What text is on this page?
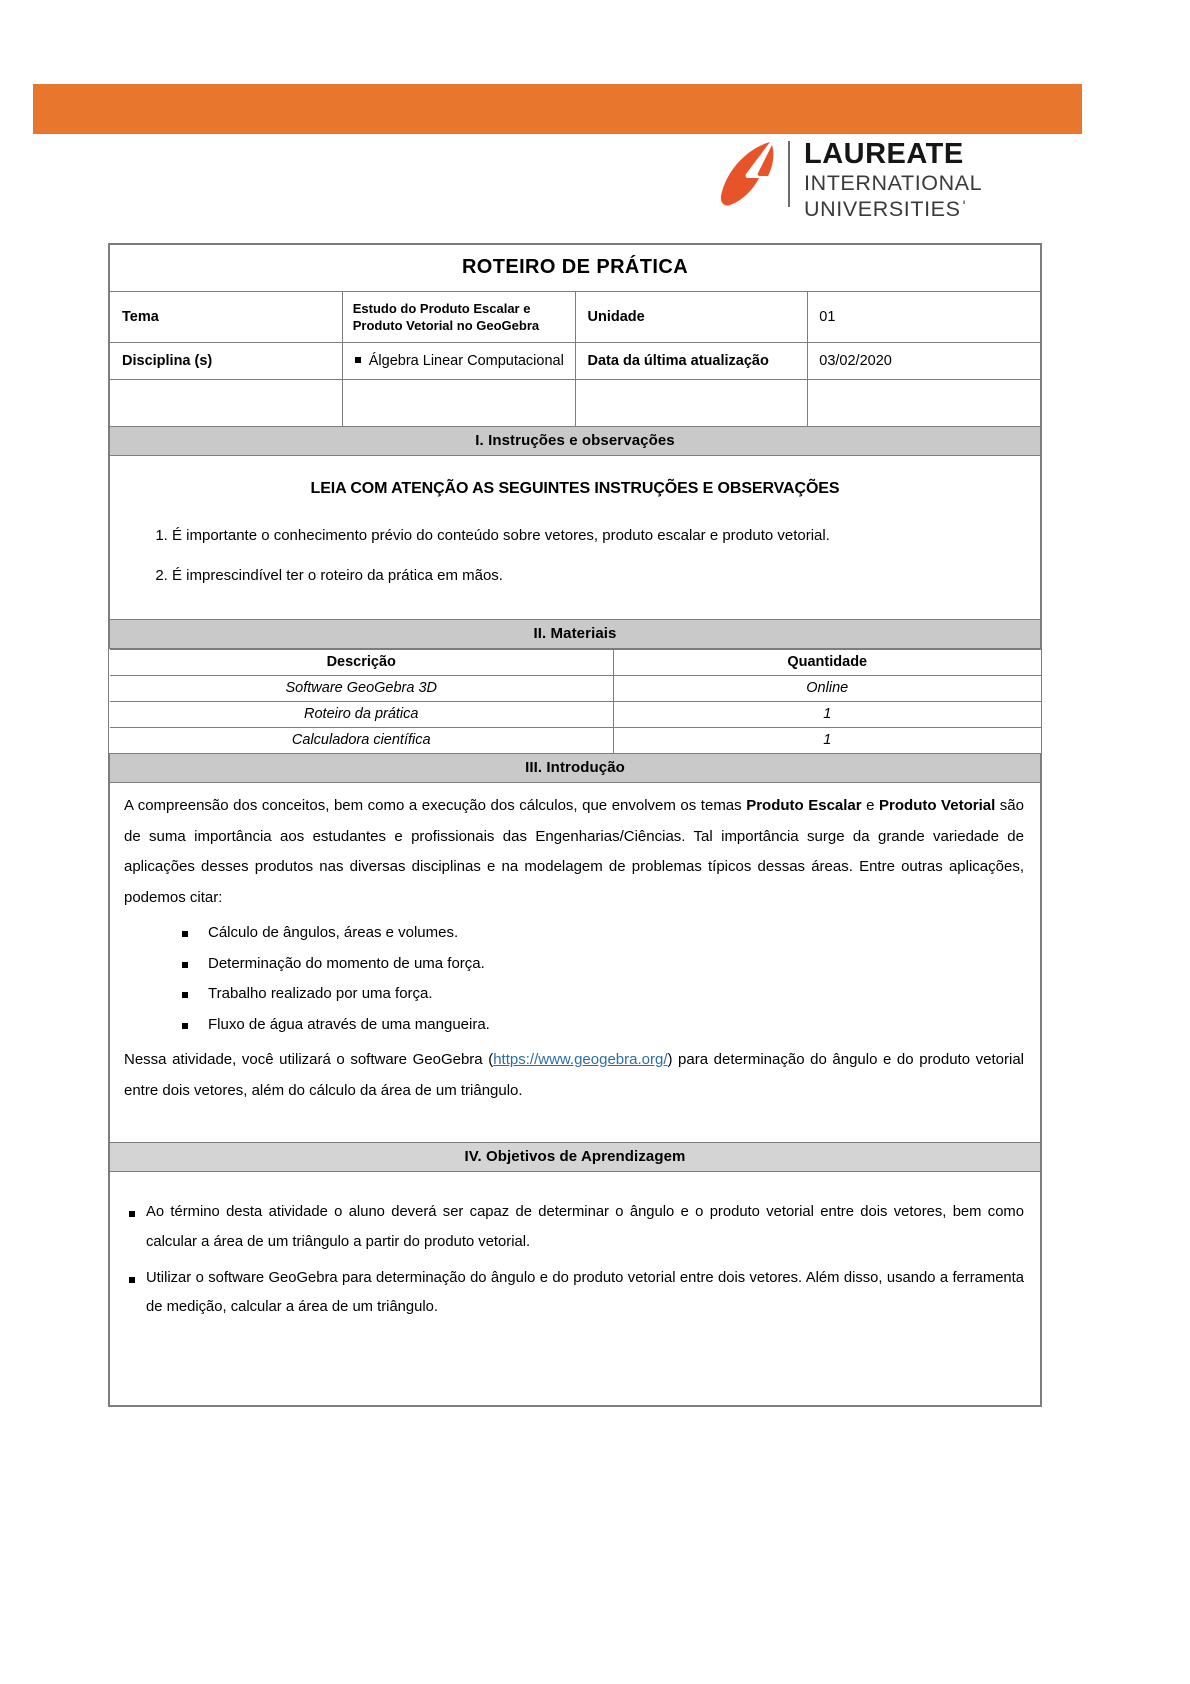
LAUREATE
INTERNATIONAL
UNIVERSITIESˈ
ROTEIRO DE PRÁTICA
Tema	Estudo do Produto Escalar e Produto Vetorial no GeoGebra	Unidade	01
Disciplina (s)	Álgebra Linear Computacional	Data da última atualização	03/02/2020

I. Instruções e observações

LEIA COM ATENÇÃO AS SEGUINTES INSTRUÇÕES E OBSERVAÇÕES
1. É importante o conhecimento prévio do conteúdo sobre vetores, produto escalar e produto vetorial.
2. É imprescindível ter o roteiro da prática em mãos.

II. Materiais

Descrição	Quantidade
Software GeoGebra 3D	Online
Roteiro da prática	1
Calculadora científica	1

III. Introdução

A compreensão dos conceitos, bem como a execução dos cálculos, que envolvem os temas Produto Escalar e Produto Vetorial são de suma importância aos estudantes e profissionais das Engenharias/Ciências. Tal importância surge da grande variedade de aplicações desses produtos nas diversas disciplinas e na modelagem de problemas típicos dessas áreas. Entre outras aplicações, podemos citar:

Cálculo de ângulos, áreas e volumes.
Determinação do momento de uma força.
Trabalho realizado por uma força.
Fluxo de água através de uma mangueira.

Nessa atividade, você utilizará o software GeoGebra (https://www.geogebra.org/) para determinação do ângulo e do produto vetorial entre dois vetores, além do cálculo da área de um triângulo.

IV. Objetivos de Aprendizagem

Ao término desta atividade o aluno deverá ser capaz de determinar o ângulo e o produto vetorial entre dois vetores, bem como calcular a área de um triângulo a partir do produto vetorial.
Utilizar o software GeoGebra para determinação do ângulo e do produto vetorial entre dois vetores. Além disso, usando a ferramenta de medição, calcular a área de um triângulo.
